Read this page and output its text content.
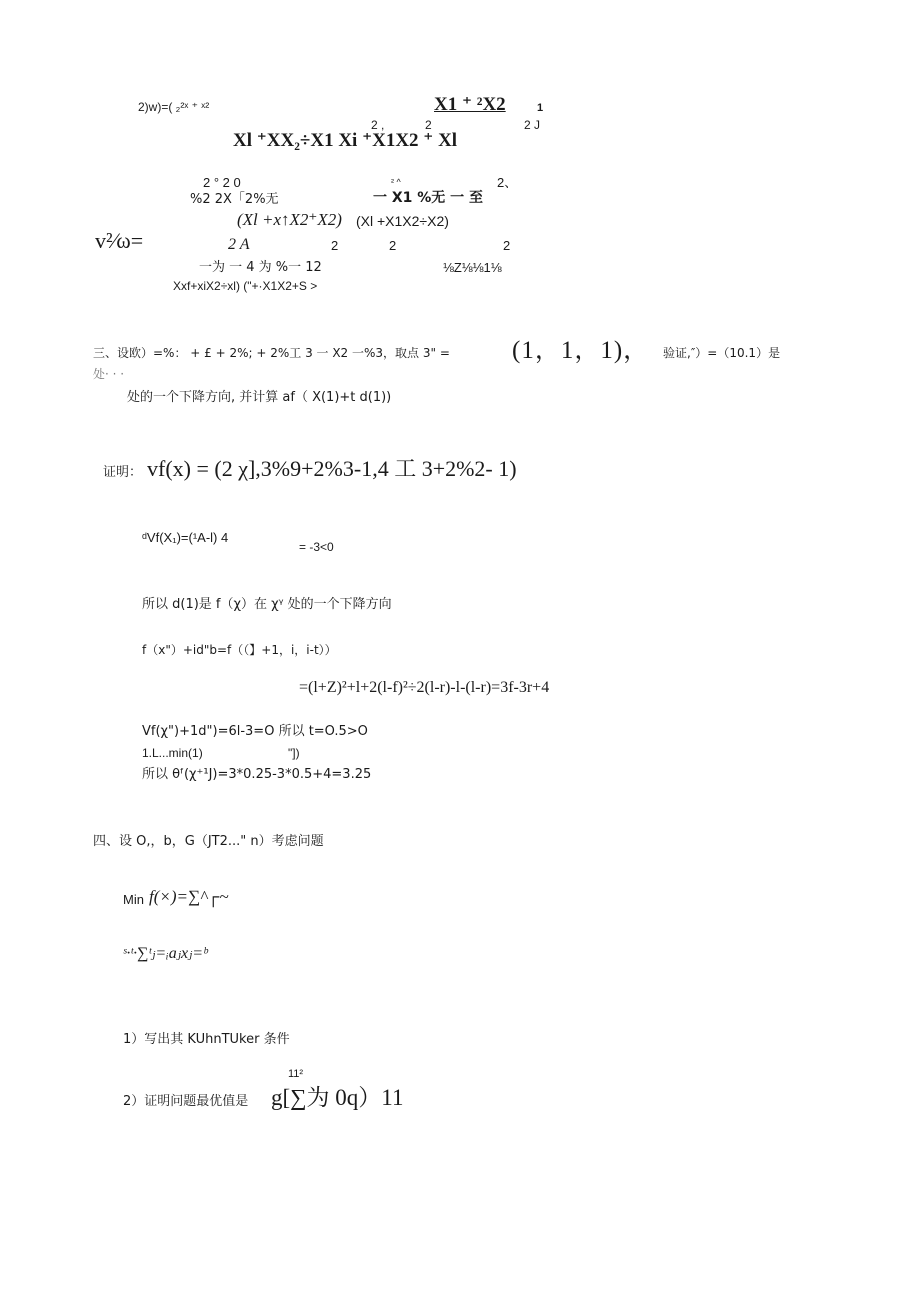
2)w)=( ₂²ˣ ⁺ ˣ²	X1 ⁺ ²X2	1
2 ,	2	2 J
Xl ⁺XX₂÷X1 Xi ⁺X1X2 ⁺ Xl
2 ° 2 0	² ^	2、
%2 2X「2%无	一 X1 %无 一 至
(Xl +x↑X2⁺X2) (Xl +X1X2÷X2)
v²⁄ω=	2 A	2	2	2
一为 一 4 为 %一 12	⅛Z⅛⅛1⅛
Xxf+xiX2÷xl) ("+·X1X2+S >
三、设欧）=%： + £ + 2%; + 2%工 3 一 X2 一%3，取点 3" = (1，1，1)， 验证,″）=（10.1）是
处· · ·
处的一个下降方向, 并计算 af（ X(1)+t d(1))
证明： vf(x) = (2 χ],3%9+2%3-1,4 工 3+2%2- 1)
ᵈVf(X₁)=(¹A-l) 4
= -3<0
所以 d(1)是 f（χ）在 χᵞ 处的一个下降方向
f（x"）+id"b=f（（】+1，i，i-t））
=(l+Z)²+l+2(l-f)²÷2(l-r)-l-(l-r)=3f-3r+4
Vf(χ")+1d")=6l-3=O 所以 t=O.5>O
1.L...min(1)	"])
所以 θᶠ(χ⁺¹J)=3*0.25-3*0.5+4=3.25
四、设 O,，b，G（JT2..." n）考虑问题
Min f(×)=∑^┌~
ˢ·ᵗ·∑ᵗⱼ=ᵢaⱼxⱼ=ᵇ
1）写出其 KUhnTUker 条件
11²
2）证明问题最优值是 g[∑为 0q）11
